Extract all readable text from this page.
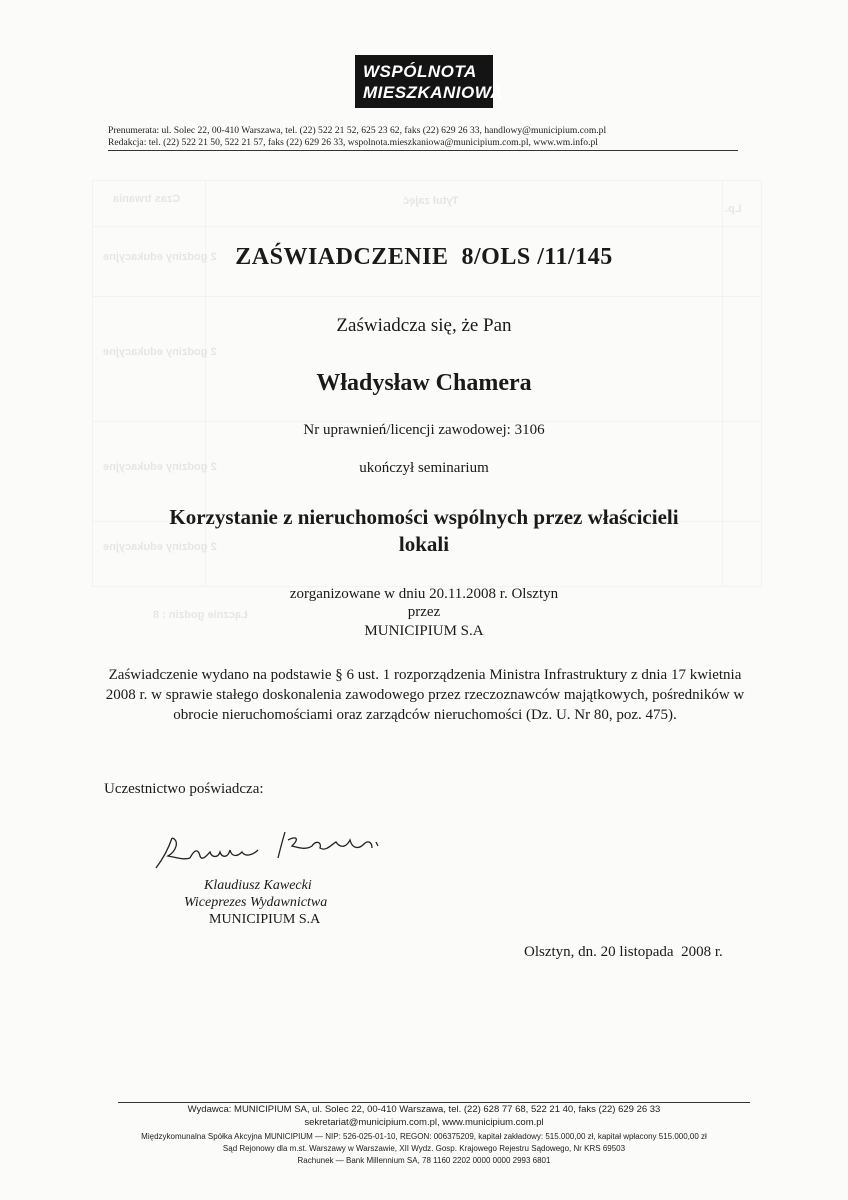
Czas trwania	Tytuł zajęć
Lp.
2 godziny edukacyjne
2 godziny edukacyjne
2 godziny edukacyjne
2 godziny edukacyjne
Łącznie godzin : 8
WSPÓLNOTA
MIESZKANIOWA
Prenumerata: ul. Solec 22, 00-410 Warszawa, tel. (22) 522 21 52, 625 23 62, faks (22) 629 26 33, handlowy@municipium.com.pl
Redakcja: tel. (22) 522 21 50, 522 21 57, faks (22) 629 26 33, wspolnota.mieszkaniowa@municipium.com.pl, www.wm.info.pl
ZAŚWIADCZENIE  8/OLS /11/145
Zaświadcza się, że Pan
Władysław Chamera
Nr uprawnień/licencji zawodowej: 3106
ukończył seminarium
Korzystanie z nieruchomości wspólnych przez właścicieli
lokali
zorganizowane w dniu 20.11.2008 r. Olsztyn
przez
MUNICIPIUM S.A
Zaświadczenie wydano na podstawie § 6 ust. 1 rozporządzenia Ministra Infrastruktury z dnia 17 kwietnia 2008 r. w sprawie stałego doskonalenia zawodowego przez rzeczoznawców majątkowych, pośredników w obrocie nieruchomościami oraz zarządców nieruchomości (Dz. U. Nr 80, poz. 475).
Uczestnictwo poświadcza:
Klaudiusz Kawecki
Wiceprezes Wydawnictwa
MUNICIPIUM S.A
Olsztyn, dn. 20 listopada  2008 r.
Wydawca: MUNICIPIUM SA, ul. Solec 22, 00-410 Warszawa, tel. (22) 628 77 68, 522 21 40, faks (22) 629 26 33
sekretariat@municipium.com.pl, www.municipium.com.pl
Międzykomunalna Spółka Akcyjna MUNICIPIUM — NIP: 526-025-01-10, REGON: 006375209, kapitał zakładowy: 515.000,00 zł, kapitał wpłacony 515.000,00 zł
Sąd Rejonowy dla m.st. Warszawy w Warszawie, XII Wydz. Gosp. Krajowego Rejestru Sądowego, Nr KRS 69503
Rachunek — Bank Millennium SA, 78 1160 2202 0000 0000 2993 6801
